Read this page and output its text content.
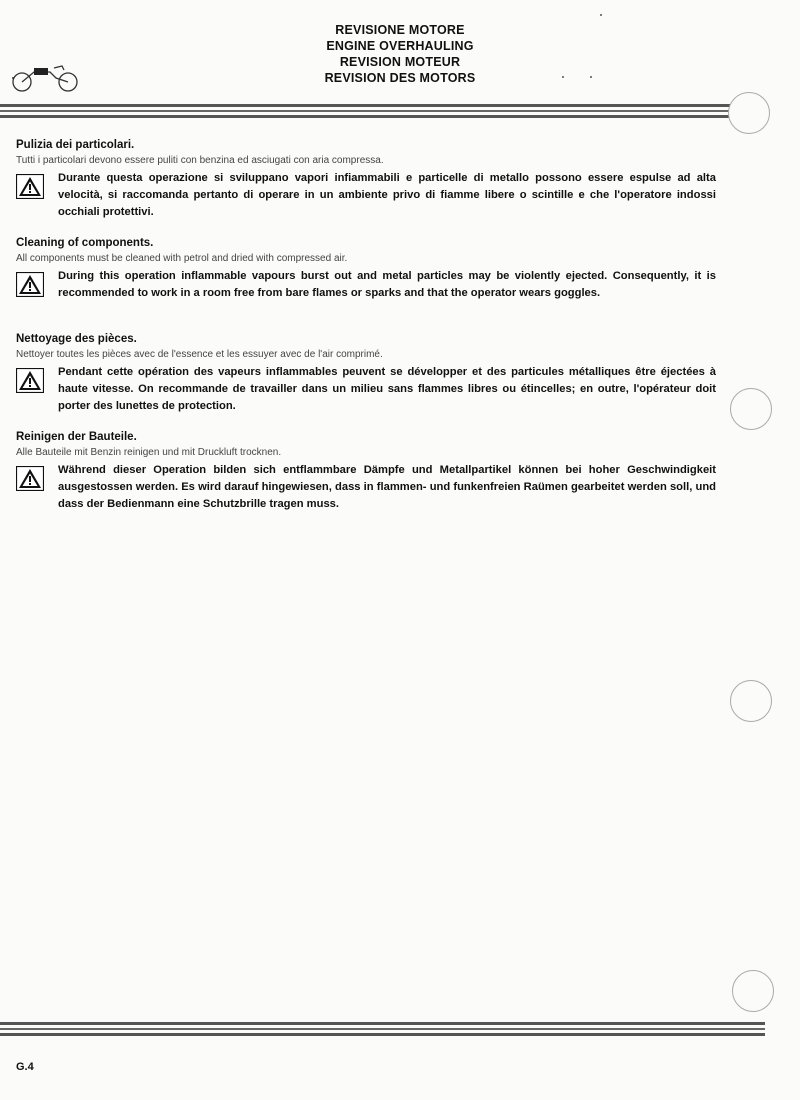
REVISIONE MOTORE
ENGINE OVERHAULING
REVISION MOTEUR
REVISION DES MOTORS
Pulizia dei particolari.
Tutti i particolari devono essere puliti con benzina ed asciugati con aria compressa.
Durante questa operazione si sviluppano vapori infiammabili e particelle di metallo possono essere espulse ad alta velocità, si raccomanda pertanto di operare in un ambiente privo di fiamme libere o scintille e che l'operatore indossi occhiali protettivi.
Cleaning of components.
All components must be cleaned with petrol and dried with compressed air.
During this operation inflammable vapours burst out and metal particles may be violently ejected. Consequently, it is recommended to work in a room free from bare flames or sparks and that the operator wears goggles.
Nettoyage des pièces.
Nettoyer toutes les pièces avec de l'essence et les essuyer avec de l'air comprimé.
Pendant cette opération des vapeurs inflammables peuvent se développer et des particules métalliques être éjectées à haute vitesse. On recommande de travailler dans un milieu sans flammes libres ou étincelles; en outre, l'opérateur doit porter des lunettes de protection.
Reinigen der Bauteile.
Alle Bauteile mit Benzin reinigen und mit Druckluft trocknen.
Während dieser Operation bilden sich entflammbare Dämpfe und Metallpartikel können bei hoher Geschwindigkeit ausgestossen werden. Es wird darauf hingewiesen, dass in flammen- und funkenfreien Raümen gearbeitet werden soll, und dass der Bedienmann eine Schutzbrille tragen muss.
G.4
